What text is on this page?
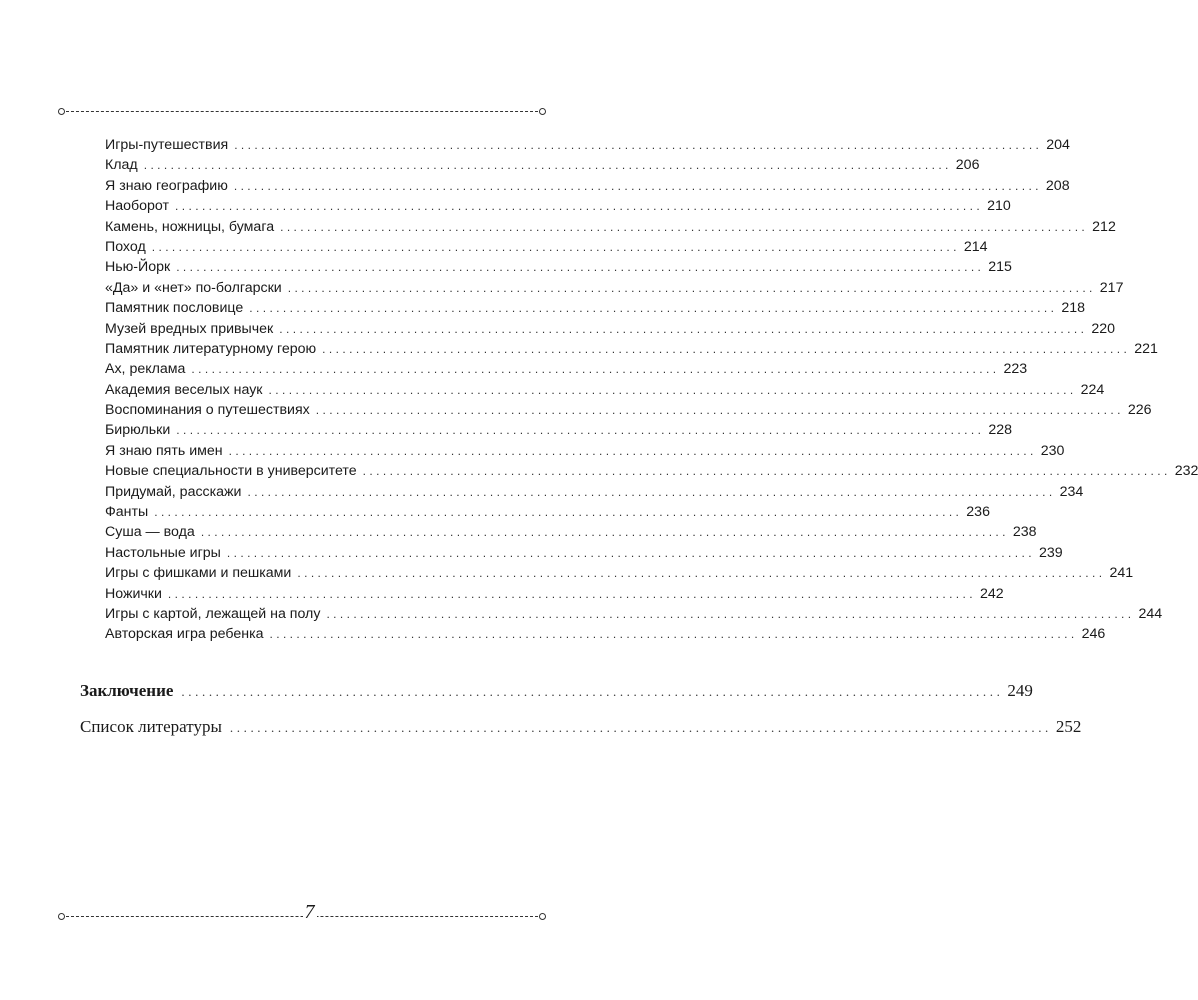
Игры-путешествия ........................................................................................................................ 204
Клад ........................................................................................................................ 206
Я знаю географию ........................................................................................................................ 208
Наоборот ........................................................................................................................ 210
Камень, ножницы, бумага ........................................................................................................................ 212
Поход ........................................................................................................................ 214
Нью-Йорк ........................................................................................................................ 215
«Да» и «нет» по-болгарски ........................................................................................................................ 217
Памятник пословице ........................................................................................................................ 218
Музей вредных привычек ........................................................................................................................ 220
Памятник литературному герою ........................................................................................................................ 221
Ах, реклама ........................................................................................................................ 223
Академия веселых наук ........................................................................................................................ 224
Воспоминания о путешествиях ........................................................................................................................ 226
Бирюльки ........................................................................................................................ 228
Я знаю пять имен ........................................................................................................................ 230
Новые специальности в университете ........................................................................................................................ 232
Придумай, расскажи ........................................................................................................................ 234
Фанты ........................................................................................................................ 236
Суша — вода ........................................................................................................................ 238
Настольные игры ........................................................................................................................ 239
Игры с фишками и пешками ........................................................................................................................ 241
Ножички ........................................................................................................................ 242
Игры с картой, лежащей на полу ........................................................................................................................ 244
Авторская игра ребенка ........................................................................................................................ 246
Заключение ........................................................................................................................ 249
Список литературы ........................................................................................................................ 252
7
